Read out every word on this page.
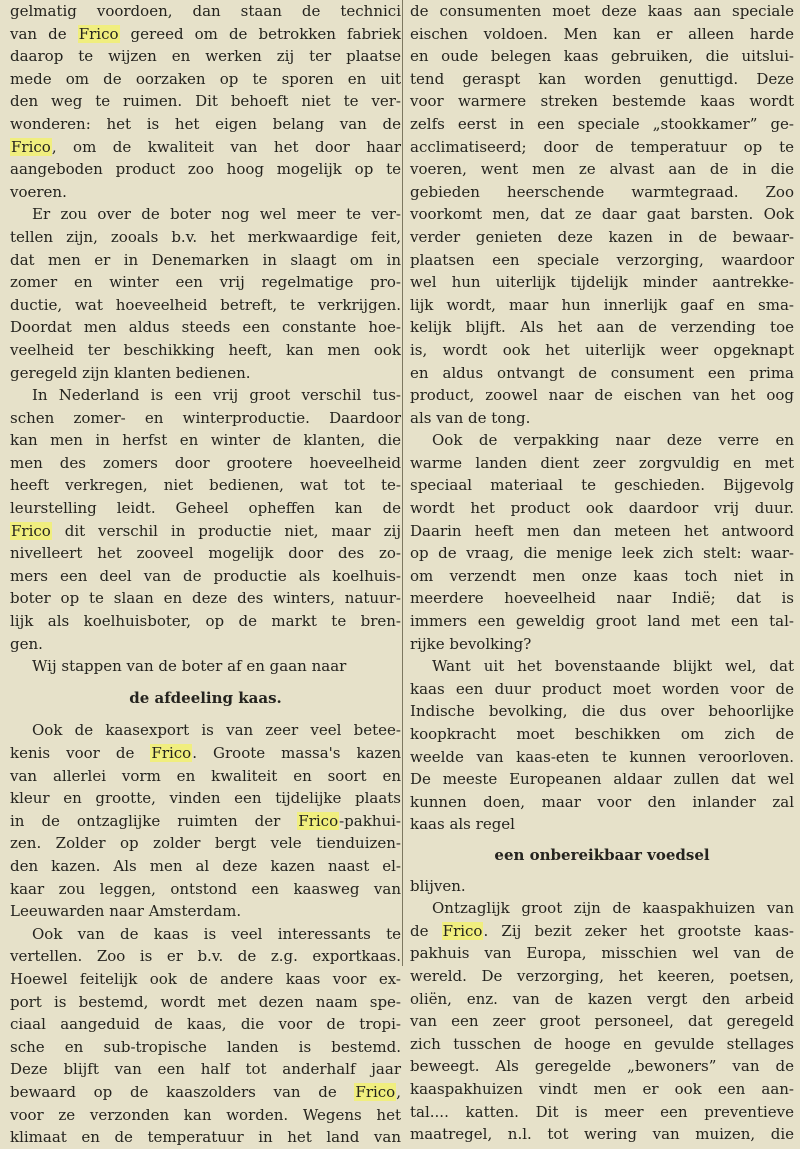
gelmatig voordoen, dan staan de technici
van de Frico gereed om de betrokken fabriek
daarop te wijzen en werken zij ter plaatse
mede om de oorzaken op te sporen en uit
den weg te ruimen. Dit behoeft niet te ver-
wonderen: het is het eigen belang van de
Frico, om de kwaliteit van het door haar
aangeboden product zoo hoog mogelijk op te
voeren.
Er zou over de boter nog wel meer te ver-
tellen zijn, zooals b.v. het merkwaardige feit,
dat men er in Denemarken in slaagt om in
zomer en winter een vrij regelmatige pro-
ductie, wat hoeveelheid betreft, te verkrijgen.
Doordat men aldus steeds een constante hoe-
veelheid ter beschikking heeft, kan men ook
geregeld zijn klanten bedienen.
In Nederland is een vrij groot verschil tus-
schen zomer- en winterproductie. Daardoor
kan men in herfst en winter de klanten, die
men des zomers door grootere hoeveelheid
heeft verkregen, niet bedienen, wat tot te-
leurstelling leidt. Geheel opheffen kan de
Frico dit verschil in productie niet, maar zij
nivelleert het zooveel mogelijk door des zo-
mers een deel van de productie als koelhuis-
boter op te slaan en deze des winters, natuur-
lijk als koelhuisboter, op de markt te bren-
gen.
Wij stappen van de boter af en gaan naar
de afdeeling kaas.
Ook de kaasexport is van zeer veel betee-
kenis voor de Frico. Groote massa's kazen
van allerlei vorm en kwaliteit en soort en
kleur en grootte, vinden een tijdelijke plaats
in de ontzaglijke ruimten der Frico-pakhui-
zen. Zolder op zolder bergt vele tienduizen-
den kazen. Als men al deze kazen naast el-
kaar zou leggen, ontstond een kaasweg van
Leeuwarden naar Amsterdam.
Ook van de kaas is veel interessants te
vertellen. Zoo is er b.v. de z.g. exportkaas.
Hoewel feitelijk ook de andere kaas voor ex-
port is bestemd, wordt met dezen naam spe-
ciaal aangeduid de kaas, die voor de tropi-
sche en sub-tropische landen is bestemd.
Deze blijft van een half tot anderhalf jaar
bewaard op de kaaszolders van de Frico,
voor ze verzonden kan worden. Wegens het
klimaat en de temperatuur in het land van
de consumenten moet deze kaas aan speciale
eischen voldoen. Men kan er alleen harde
en oude belegen kaas gebruiken, die uitslui-
tend geraspt kan worden genuttigd. Deze
voor warmere streken bestemde kaas wordt
zelfs eerst in een speciale „stookkamer” ge-
acclimatiseerd; door de temperatuur op te
voeren, went men ze alvast aan de in die
gebieden heerschende warmtegraad. Zoo
voorkomt men, dat ze daar gaat barsten. Ook
verder genieten deze kazen in de bewaar-
plaatsen een speciale verzorging, waardoor
wel hun uiterlijk tijdelijk minder aantrekke-
lijk wordt, maar hun innerlijk gaaf en sma-
kelijk blijft. Als het aan de verzending toe
is, wordt ook het uiterlijk weer opgeknapt
en aldus ontvangt de consument een prima
product, zoowel naar de eischen van het oog
als van de tong.
Ook de verpakking naar deze verre en
warme landen dient zeer zorgvuldig en met
speciaal materiaal te geschieden. Bijgevolg
wordt het product ook daardoor vrij duur.
Daarin heeft men dan meteen het antwoord
op de vraag, die menige leek zich stelt: waar-
om verzendt men onze kaas toch niet in
meerdere hoeveelheid naar Indië; dat is
immers een geweldig groot land met een tal-
rijke bevolking?
Want uit het bovenstaande blijkt wel, dat
kaas een duur product moet worden voor de
Indische bevolking, die dus over behoorlijke
koopkracht moet beschikken om zich de
weelde van kaas-eten te kunnen veroorloven.
De meeste Europeanen aldaar zullen dat wel
kunnen doen, maar voor den inlander zal
kaas als regel
een onbereikbaar voedsel
blijven.
Ontzaglijk groot zijn de kaaspakhuizen van
de Frico. Zij bezit zeker het grootste kaas-
pakhuis van Europa, misschien wel van de
wereld. De verzorging, het keeren, poetsen,
oliën, enz. van de kazen vergt den arbeid
van een zeer groot personeel, dat geregeld
zich tusschen de hooge en gevulde stellages
beweegt. Als geregelde „bewoners” van de
kaaspakhuizen vindt men er ook een aan-
tal.... katten. Dit is meer een preventieve
maatregel, n.l. tot wering van muizen, die
